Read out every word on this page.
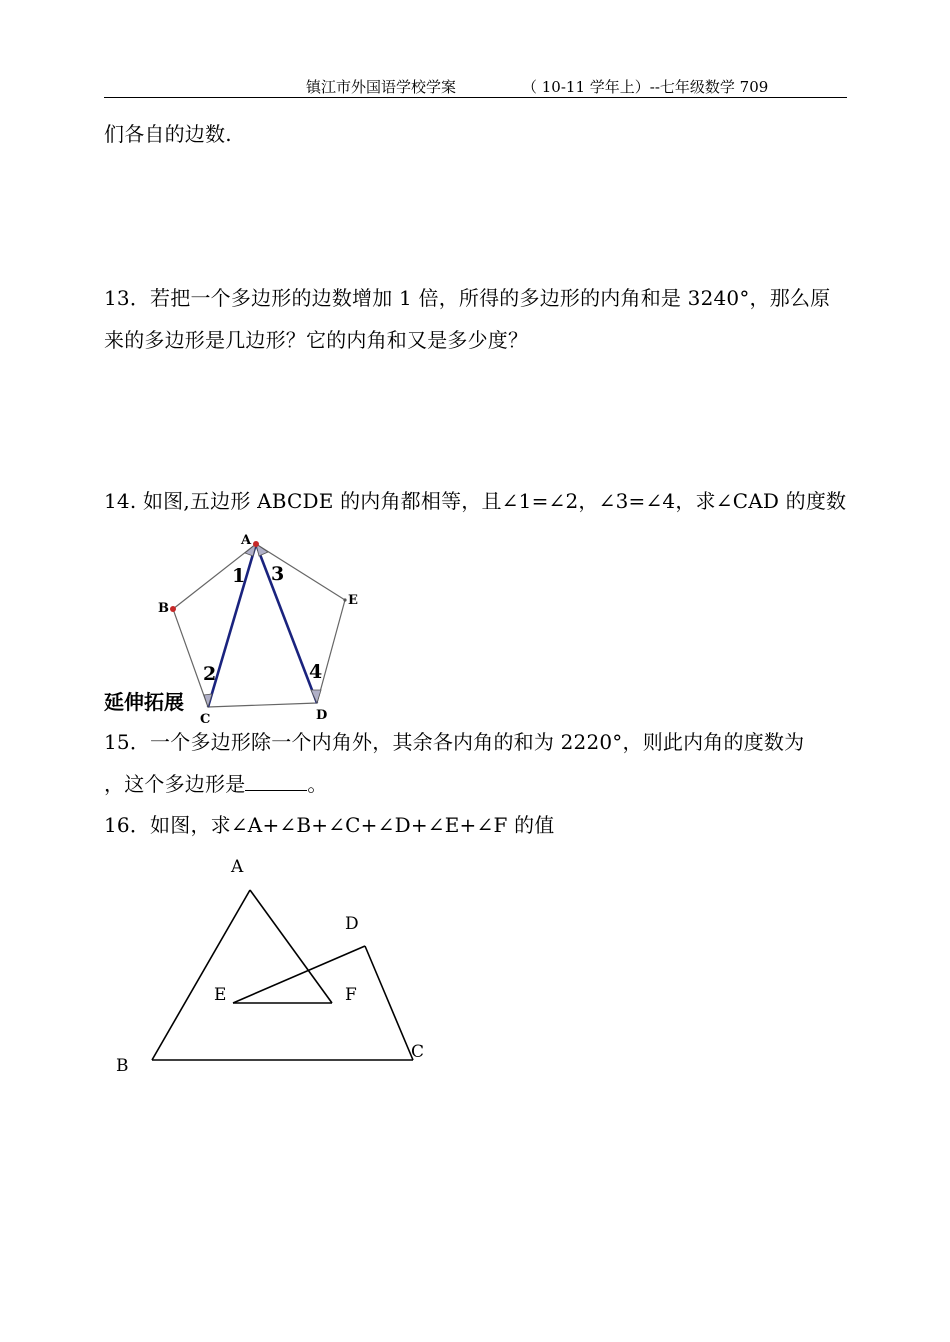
镇江市外国语学校学案	（ 10-11 学年上）--七年级数学 709
们各自的边数.
13．若把一个多边形的边数增加 1 倍，所得的多边形的内角和是 3240°，那么原
来的多边形是几边形？它的内角和又是多少度？
14. 如图,五边形 ABCDE 的内角都相等，且∠1=∠2，∠3=∠4，求∠CAD 的度数
A
B
C	D
E
1 3
2	4
延伸拓展
15．一个多边形除一个内角外，其余各内角的和为 2220°，则此内角的度数为
，这个多边形是	。
16．如图，求∠A+∠B+∠C+∠D+∠E+∠F 的值
A
B
C
D
E	F
